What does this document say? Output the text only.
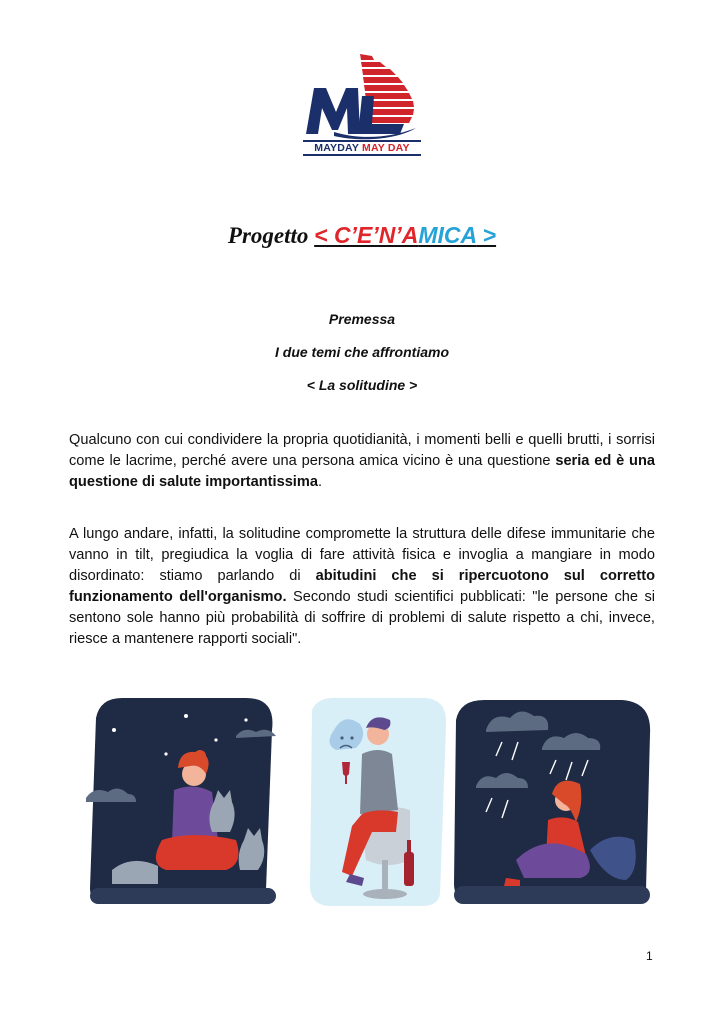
MAYDAY MAY DAY
Progetto < C’E’N’AMICA >
Premessa
I due temi che affrontiamo
< La solitudine >

Qualcuno con cui condividere la propria quotidianità, i momenti belli e quelli brutti, i sorrisi come le lacrime, perché avere una persona amica vicino è una questione seria ed è una questione di salute importantissima.

A lungo andare, infatti, la solitudine compromette la struttura delle difese immunitarie che vanno in tilt, pregiudica la voglia di fare attività fisica e invoglia a mangiare in modo disordinato: stiamo parlando di abitudini che si ripercuotono sul corretto funzionamento dell'organismo. Secondo studi scientifici pubblicati: "le persone che si sentono sole hanno più probabilità di soffrire di problemi di salute rispetto a chi, invece, riesce a mantenere rapporti sociali".

1
